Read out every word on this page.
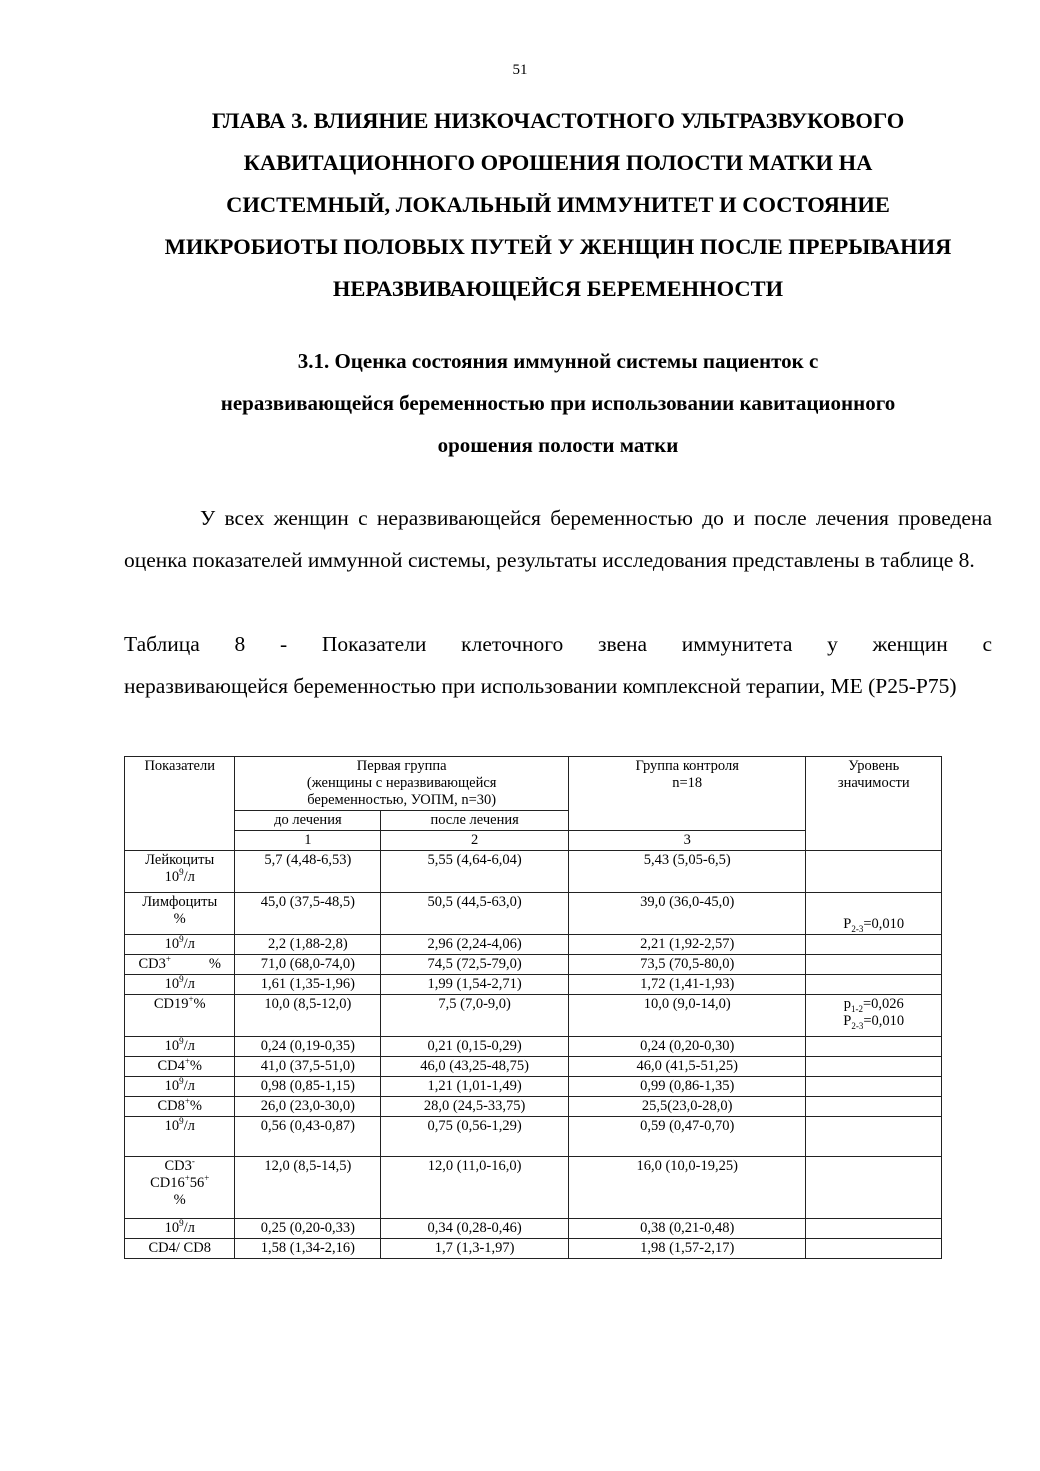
51
ГЛАВА 3. ВЛИЯНИЕ НИЗКОЧАСТОТНОГО УЛЬТРАЗВУКОВОГО
КАВИТАЦИОННОГО ОРОШЕНИЯ ПОЛОСТИ МАТКИ НА
СИСТЕМНЫЙ, ЛОКАЛЬНЫЙ ИММУНИТЕТ И СОСТОЯНИЕ
МИКРОБИОТЫ ПОЛОВЫХ ПУТЕЙ У ЖЕНЩИН ПОСЛЕ ПРЕРЫВАНИЯ
НЕРАЗВИВАЮЩЕЙСЯ БЕРЕМЕННОСТИ
3.1. Оценка состояния иммунной системы пациенток с
неразвивающейся беременностью при использовании кавитационного
орошения полости матки
У всех женщин с неразвивающейся беременностью до и после лечения проведена оценка показателей иммунной системы, результаты исследования представлены в таблице 8.
Таблица 8 - Показатели клеточного звена иммунитета у женщин с
неразвивающейся беременностью при использовании комплексной терапии, МЕ (P25-P75)
Показатели	Первая группа
(женщины с неразвивающейся
беременностью, УОПМ, n=30)		Группа контроля
n=18	Уровень
значимости
	до лечения	после лечения		
	1	2	3	
Лейкоциты
$10^9/л$	5,7 (4,48-6,53)	5,55 (4,64-6,04)	5,43 (5,05-6,5)	
Лимфоциты
%	45,0 (37,5-48,5)	50,5 (44,5-63,0)	39,0 (36,0-45,0)	$P_{2-3}=0,010$
$10^9/л$	2,2 (1,88-2,8)	2,96 (2,24-4,06)	2,21 (1,92-2,57)	
CD3+ %	71,0 (68,0-74,0)	74,5 (72,5-79,0)	73,5 (70,5-80,0)	
$10^9/л$	1,61 (1,35-1,96)	1,99 (1,54-2,71)	1,72 (1,41-1,93)	
CD19+%	10,0 (8,5-12,0)	7,5 (7,0-9,0)	10,0 (9,0-14,0)	$p_{1-2}=0,026$
$P_{2-3}=0,010$
$10^9/л$	0,24 (0,19-0,35)	0,21 (0,15-0,29)	0,24 (0,20-0,30)	
CD4+%	41,0 (37,5-51,0)	46,0 (43,25-48,75)	46,0 (41,5-51,25)	
$10^9/л$	0,98 (0,85-1,15)	1,21 (1,01-1,49)	0,99 (0,86-1,35)	
CD8+%	26,0 (23,0-30,0)	28,0 (24,5-33,75)	25,5(23,0-28,0)	
$10^9/л$	0,56 (0,43-0,87)	0,75 (0,56-1,29)	0,59 (0,47-0,70)	
CD3-
CD16+56+
%	12,0 (8,5-14,5)	12,0 (11,0-16,0)	16,0 (10,0-19,25)	
$10^9/л$	0,25 (0,20-0,33)	0,34 (0,28-0,46)	0,38 (0,21-0,48)	
CD4/ CD8	1,58 (1,34-2,16)	1,7 (1,3-1,97)	1,98 (1,57-2,17)	
